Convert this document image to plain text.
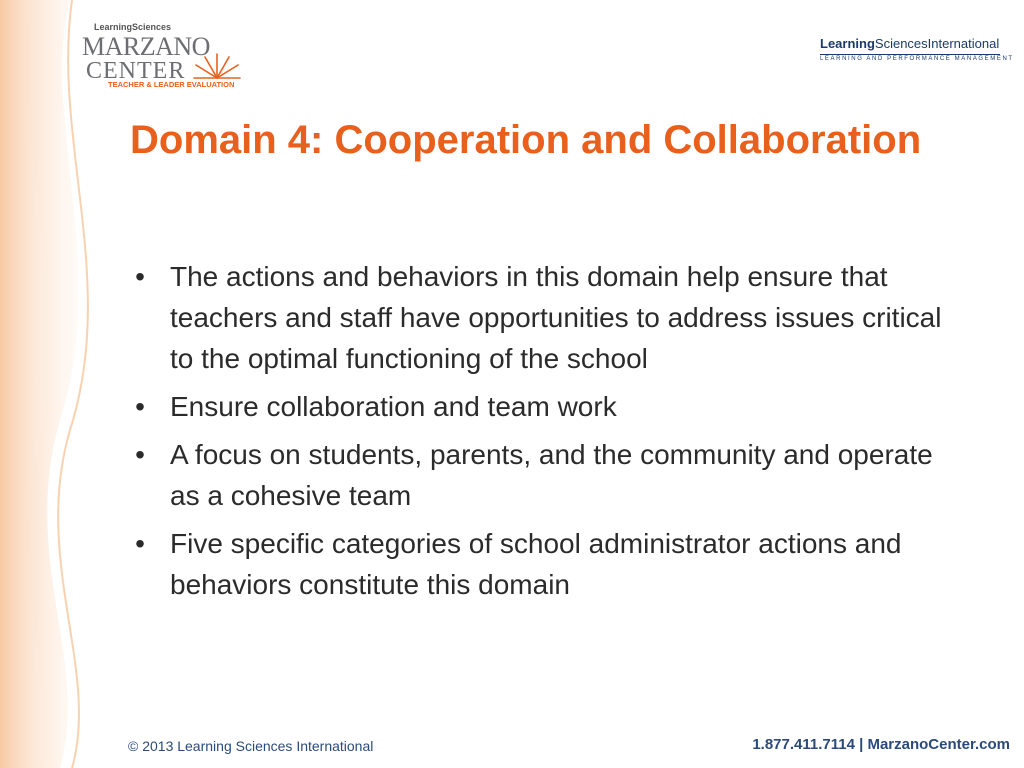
LearningSciences
MARZANO
CENTER
TEACHER & LEADER EVALUATION
LearningSciencesInternational
LEARNING AND PERFORMANCE MANAGEMENT
Domain 4: Cooperation and Collaboration
• The actions and behaviors in this domain help ensure that teachers and staff have opportunities to address issues critical to the optimal functioning of the school
• Ensure collaboration and team work
• A focus on students, parents, and the community and operate as a cohesive team
• Five specific categories of school administrator actions and behaviors constitute this domain
© 2013 Learning Sciences International	1.877.411.7114 | MarzanoCenter.com
